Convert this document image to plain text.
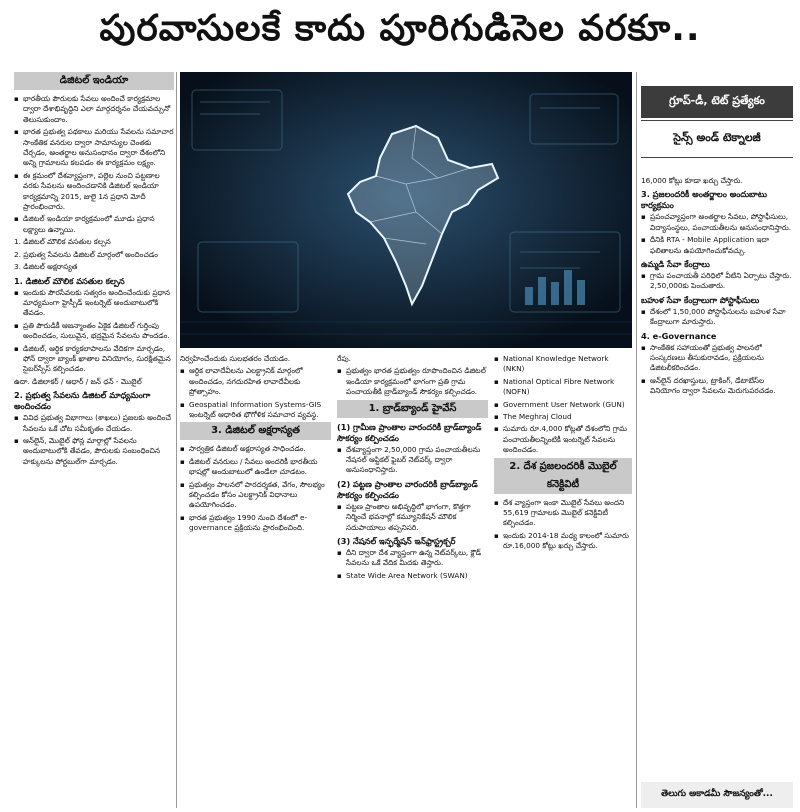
పురవాసులకే కాదు పూరిగుడిసెల వరకూ..
డిజిటల్ ఇండియా

▪ భారతీయ పౌరులకు సేవలు అందించే కార్యక్రమాల ద్వారా దేశాభివృద్ధిని ఎలా మార్గదర్శనం చేయవచ్చునో తెలుసుకుందాం.

▪ భారత ప్రభుత్వ పథకాలు మరియు సేవలను సమాచార సాంకేతిక వనరుల ద్వారా సామాన్యుల చెంతకు చేర్చడం, అంతర్జాల అనుసంధానం ద్వారా దేశంలోని అన్ని గ్రామాలను కలపడం ఈ కార్యక్రమం లక్ష్యం.

▪ ఈ క్రమంలో దేశవ్యాప్తంగా, పల్లెల నుంచి పట్టణాల వరకు సేవలను అందించడానికి డిజిటల్ ఇండియా కార్యక్రమాన్ని 2015, జులై 1న ప్రధాని మోదీ ప్రారంభించారు.

▪ డిజిటల్ ఇండియా కార్యక్రమంలో మూడు ప్రధాన లక్ష్యాలు ఉన్నాయి.

1. డిజిటల్ మౌలిక వసతుల కల్పన

2. ప్రభుత్వ సేవలను డిజిటల్ మార్గంలో అందించడం

3. డిజిటల్ అక్షరాస్యత

1. డిజిటల్ మౌలిక వసతుల కల్పన

▪ ఇందుకు పౌరసేవలకు సత్వరం అందించేందుకు ప్రధాన మాధ్యమంగా హైస్పీడ్ ఇంటర్నెట్ అందుబాటులోకి తేవడం.

▪ ప్రతి పౌరుడికీ ఆజన్మాంతం ఏకైక డిజిటల్ గుర్తింపు అందించడం, సులువైన, భద్రమైన సేవలను పొందడం.

▪ డిజిటల్, ఆర్థిక కార్యకలాపాలను వేదికగా మార్చడం, ఫోన్ ద్వారా బ్యాంక్ ఖాతాల వినియోగం, సురక్షితమైన సైబర్‌స్పేస్ కల్పించడం.

ఉదా. డిజిలాకర్ / ఆధార్ / జన్ ధన్ - మొబైల్

2. ప్రభుత్వ సేవలను డిజిటల్ మాధ్యమంగా అందించడం

▪ వివిధ ప్రభుత్వ విభాగాలు (శాఖలు) ప్రజలకు అందించే సేవలను ఒకే చోట సమీకృతం చేయడం.

▪ ఆన్‌లైన్, మొబైల్ ఫోన్ల మార్గాల్లో సేవలను అందుబాటులోకి తేవడం, పౌరులకు సంబంధించిన హక్కులను పోర్టబుల్‌గా మార్చడం.

నిర్వహించేందుకు సులభతరం చేయడం.

▪ ఆర్థిక లావాదేవీలను ఎలక్ట్రానిక్ మార్గంలో అందించడం, నగదురహిత లావాదేవీలకు ప్రోత్సాహం.

▪ Geospatial Information Systems-GIS ఇంటర్నెట్ ఆధారిత భౌగోళిక సమాచార వ్యవస్థ.

3. డిజిటల్ అక్షరాస్యత

▪ సార్వత్రిక డిజిటల్ అక్షరాస్యత సాధించడం.

▪ డిజిటల్ వనరులు / సేవలు అందరికీ భారతీయ భాషల్లో అందుబాటులో ఉండేలా చూడటం.

▪ ప్రభుత్వం పాలనలో పారదర్శకత, వేగం, సౌలభ్యం కల్పించడం కోసం ఎలక్ట్రానిక్ విధానాలు ఉపయోగించడం.

▪ భారత ప్రభుత్వం 1990 నుంచి దేశంలో e-governance ప్రక్రియను ప్రారంభించింది.

రేపు.

▪ ప్రభుత్వం భారత ప్రభుత్వం రూపొందించిన డిజిటల్ ఇండియా కార్యక్రమంలో భాగంగా ప్రతి గ్రామ పంచాయతీకి బ్రాడ్‌బ్యాండ్ సౌకర్యం కల్పించడం.

1. బ్రాడ్‌బ్యాండ్ హైవేస్
(1) గ్రామీణ ప్రాంతాల వారందరికీ బ్రాడ్‌బ్యాండ్ సౌకర్యం కల్పించడం

▪ దేశవ్యాప్తంగా 2,50,000 గ్రామ పంచాయతీలను నేషనల్ ఆప్టికల్ ఫైబర్ నెట్‌వర్క్ ద్వారా అనుసంధానిస్తారు.

(2) పట్టణ ప్రాంతాల వారందరికీ బ్రాడ్‌బ్యాండ్ సౌకర్యం కల్పించడం

▪ పట్టణ ప్రాంతాల అభివృద్ధిలో భాగంగా, కొత్తగా నిర్మించే భవనాల్లో కమ్యూనికేషన్ మౌలిక సదుపాయాలు తప్పనిసరి.

(3) నేషనల్ ఇన్ఫర్మేషన్ ఇన్‌ఫ్రాస్ట్రక్చర్

▪ దీని ద్వారా దేశ వ్యాప్తంగా ఉన్న నెట్‌వర్క్‌లు, క్లౌడ్ సేవలను ఒకే వేదిక మీదకు తెస్తారు.

▪ State Wide Area Network (SWAN)

▪ National Knowledge Network (NKN)

▪ National Optical Fibre Network (NOFN)

▪ Government User Network (GUN)

▪ The Meghraj Cloud

▪ సుమారు రూ.4,000 కోట్లతో దేశంలోని గ్రామ పంచాయతీలన్నింటికీ ఇంటర్నెట్ సేవలను అందించడం.

2. దేశ ప్రజలందరికీ మొబైల్ కనెక్టివిటీ

▪ దేశ వ్యాప్తంగా ఇంకా మొబైల్ సేవలు అందని 55,619 గ్రామాలకు మొబైల్ కనెక్టివిటీ కల్పించడం.

▪ ఇందుకు 2014-18 మధ్య కాలంలో సుమారు రూ.16,000 కోట్లు ఖర్చు చేస్తారు.

గ్రూప్-డీ, టెట్ ప్రత్యేకం
సైన్స్ అండ్ టెక్నాలజీ

16,000 కోట్లు కూడా ఖర్చు చేస్తారు.

3. ప్రజలందరికీ అంతర్జాలం అందుబాటు కార్యక్రమం

▪ ప్రపంచవ్యాప్తంగా అంతర్జాల సేవలు, పోస్టాఫీసులు, విద్యాసంస్థలు, పంచాయతీలను అనుసంధానిస్తారు.

▪ దీనికి RTA - Mobile Application ఇదా ఫలితాలను ఉపయోగించుకోవచ్చు.

ఉమ్మడి సేవా కేంద్రాలు

▪ గ్రామ పంచాయతీ పరిధిలో వీటిని ఏర్పాటు చేస్తారు. 2,50,000కు పెంచుతారు.

బహుళ సేవా కేంద్రాలుగా పోస్టాఫీసులు

▪ దేశంలో 1,50,000 పోస్టాఫీసులను బహుళ సేవా కేంద్రాలుగా మారుస్తారు.

4. e-Governance

▪ సాంకేతిక సహాయంతో ప్రభుత్వ పాలనలో సంస్కరణలు తీసుకురావడం, ప్రక్రియలను డిజిటలీకరించడం.

▪ ఆన్‌లైన్ దరఖాస్తులు, ట్రాకింగ్, డేటాబేస్‌ల వినియోగం ద్వారా సేవలను మెరుగుపరచడం.

తెలుగు అకాడమీ సౌజన్యంతో...
